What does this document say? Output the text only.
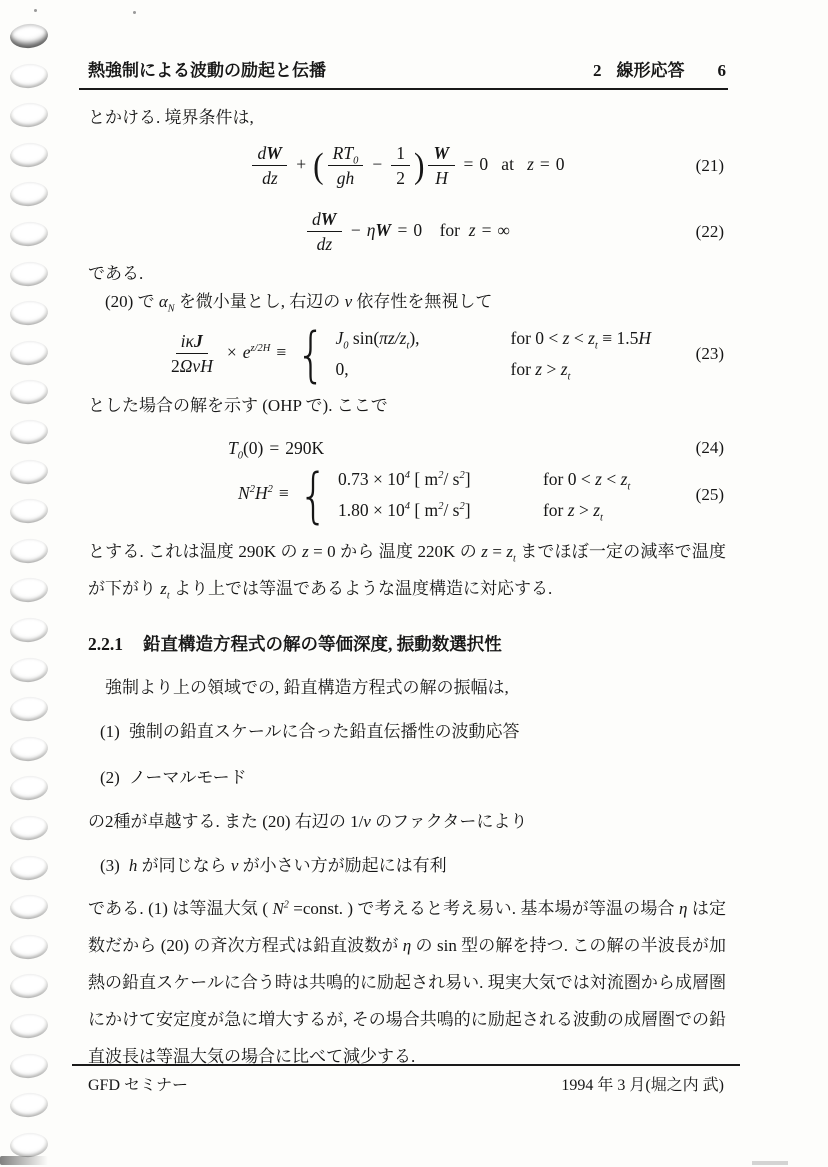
熱強制による波動の励起と伝播	2 線形応答 6
とかける. 境界条件は,
$\frac{dW}{dz}$ + ( $\frac{RT_0}{gh} - \frac{1}{2}$ ) $\frac{W}{H} = 0$   at   z = 0	(21)
$\frac{dW}{dz} - \eta W = 0$    for  z = ∞	(22)
である.
(20) で $\alpha_N$ を微小量とし, 右辺の ν 依存性を無視して
$\frac{\text{iκJ}}{\text{2ΩνH}} \times e^{z/2H}$ ≡ { $J_0$ $\sin(\pi z/z_t)$,	for $0 < z < z_t \equiv 1.5H$
0,	for $z > z_t$
(23)
とした場合の解を示す (OHP で). ここで
$T_0(0) = 290K$	(24)
$N^2H^2$ ≡ { $0.73 \times 10^4$ [ $m^2/$ $s^2$]	for $0 < z < z_t$
$1.80 \times 10^4$ [ $m^2/$ $s^2$]	for $z > z_t$
(25)
とする. これは温度 290K の z = 0 から 温度 220K の $z = z_t$ までほぼ一定の減率で温度が下がり $z_t$ より上では等温であるような温度構造に対応する.
2.2.1 鉛直構造方程式の解の等価深度, 振動数選択性
強制より上の領域での, 鉛直構造方程式の解の振幅は,
(1) 強制の鉛直スケールに合った鉛直伝播性の波動応答
(2) ノーマルモード
の2種が卓越する. また (20) 右辺の 1/ν のファクターにより
(3) h が同じなら ν が小さい方が励起には有利
である. (1) は等温大気 ( $N^2$ =const. ) で考えると考え易い. 基本場が等温の場合 η は定数だから (20) の斉次方程式は鉛直波数が η の sin 型の解を持つ. この解の半波長が加熱の鉛直スケールに合う時は共鳴的に励起され易い. 現実大気では対流圏から成層圏にかけて安定度が急に増大するが, その場合共鳴的に励起される波動の成層圏での鉛直波長は等温大気の場合に比べて減少する.
GFD セミナー	1994 年 3 月(堀之内 武)
